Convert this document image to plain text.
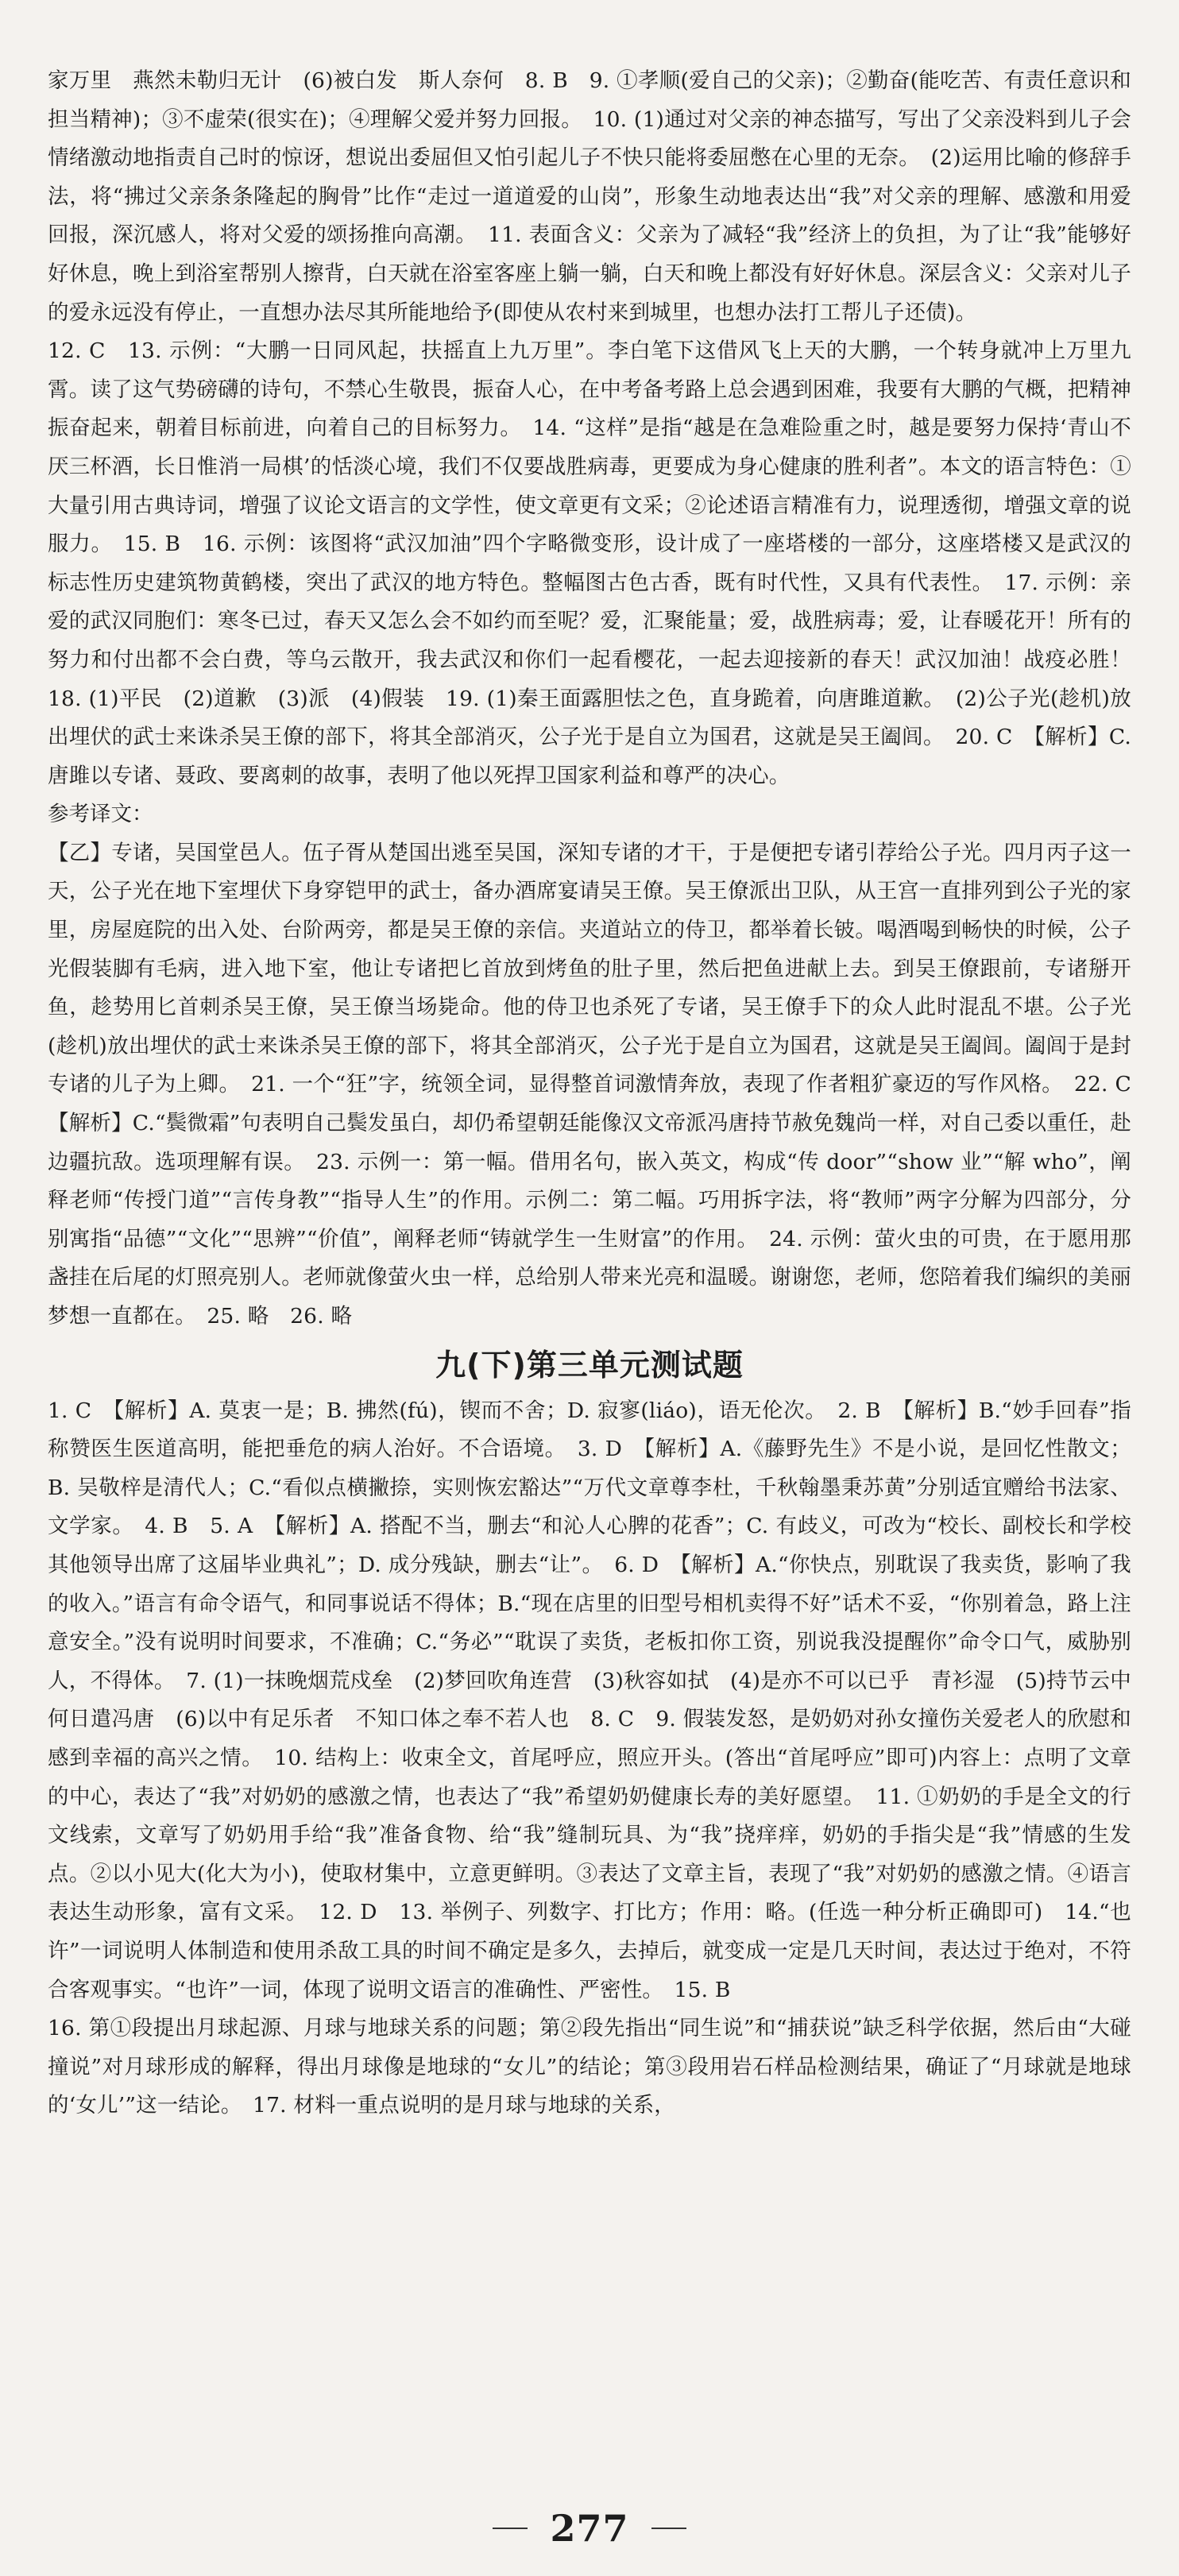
家万里　燕然未勒归无计　(6)被白发　斯人奈何　8. B　9. ①孝顺(爱自己的父亲)；②勤奋(能吃苦、有责任意识和担当精神)；③不虚荣(很实在)；④理解父爱并努力回报。　10. (1)通过对父亲的神态描写，写出了父亲没料到儿子会情绪激动地指责自己时的惊讶，想说出委屈但又怕引起儿子不快只能将委屈憋在心里的无奈。　(2)运用比喻的修辞手法，将“拂过父亲条条隆起的胸骨”比作“走过一道道爱的山岗”，形象生动地表达出“我”对父亲的理解、感激和用爱回报，深沉感人，将对父爱的颂扬推向高潮。　11. 表面含义：父亲为了减轻“我”经济上的负担，为了让“我”能够好好休息，晚上到浴室帮别人擦背，白天就在浴室客座上躺一躺，白天和晚上都没有好好休息。深层含义：父亲对儿子的爱永远没有停止，一直想办法尽其所能地给予(即使从农村来到城里，也想办法打工帮儿子还债)。

12. C　13. 示例：“大鹏一日同风起，扶摇直上九万里”。李白笔下这借风飞上天的大鹏，一个转身就冲上万里九霄。读了这气势磅礴的诗句，不禁心生敬畏，振奋人心，在中考备考路上总会遇到困难，我要有大鹏的气概，把精神振奋起来，朝着目标前进，向着自己的目标努力。　14. “这样”是指“越是在急难险重之时，越是要努力保持‘青山不厌三杯酒，长日惟消一局棋’的恬淡心境，我们不仅要战胜病毒，更要成为身心健康的胜利者”。本文的语言特色：①大量引用古典诗词，增强了议论文语言的文学性，使文章更有文采；②论述语言精准有力，说理透彻，增强文章的说服力。　15. B　16. 示例：该图将“武汉加油”四个字略微变形，设计成了一座塔楼的一部分，这座塔楼又是武汉的标志性历史建筑物黄鹤楼，突出了武汉的地方特色。整幅图古色古香，既有时代性，又具有代表性。　17. 示例：亲爱的武汉同胞们：寒冬已过，春天又怎么会不如约而至呢？爱，汇聚能量；爱，战胜病毒；爱，让春暖花开！所有的努力和付出都不会白费，等乌云散开，我去武汉和你们一起看樱花，一起去迎接新的春天！武汉加油！战疫必胜！　18. (1)平民　(2)道歉　(3)派　(4)假装　19. (1)秦王面露胆怯之色，直身跪着，向唐雎道歉。　(2)公子光(趁机)放出埋伏的武士来诛杀吴王僚的部下，将其全部消灭，公子光于是自立为国君，这就是吴王阖闾。　20. C　【解析】C. 唐雎以专诸、聂政、要离刺的故事，表明了他以死捍卫国家利益和尊严的决心。

参考译文：

【乙】专诸，吴国堂邑人。伍子胥从楚国出逃至吴国，深知专诸的才干，于是便把专诸引荐给公子光。四月丙子这一天，公子光在地下室埋伏下身穿铠甲的武士，备办酒席宴请吴王僚。吴王僚派出卫队，从王宫一直排列到公子光的家里，房屋庭院的出入处、台阶两旁，都是吴王僚的亲信。夹道站立的侍卫，都举着长铍。喝酒喝到畅快的时候，公子光假装脚有毛病，进入地下室，他让专诸把匕首放到烤鱼的肚子里，然后把鱼进献上去。到吴王僚跟前，专诸掰开鱼，趁势用匕首刺杀吴王僚，吴王僚当场毙命。他的侍卫也杀死了专诸，吴王僚手下的众人此时混乱不堪。公子光(趁机)放出埋伏的武士来诛杀吴王僚的部下，将其全部消灭，公子光于是自立为国君，这就是吴王阖闾。阖闾于是封专诸的儿子为上卿。　21. 一个“狂”字，统领全词，显得整首词激情奔放，表现了作者粗犷豪迈的写作风格。　22. C　【解析】C.“鬓微霜”句表明自己鬓发虽白，却仍希望朝廷能像汉文帝派冯唐持节赦免魏尚一样，对自己委以重任，赴边疆抗敌。选项理解有误。　23. 示例一：第一幅。借用名句，嵌入英文，构成“传 door”“show 业”“解 who”，阐释老师“传授门道”“言传身教”“指导人生”的作用。示例二：第二幅。巧用拆字法，将“教师”两字分解为四部分，分别寓指“品德”“文化”“思辨”“价值”，阐释老师“铸就学生一生财富”的作用。　24. 示例：萤火虫的可贵，在于愿用那盏挂在后尾的灯照亮别人。老师就像萤火虫一样，总给别人带来光亮和温暖。谢谢您，老师，您陪着我们编织的美丽梦想一直都在。　25. 略　26. 略

九(下)第三单元测试题

1. C　【解析】A. 莫衷一是；B. 拂然(fú)，锲而不舍；D. 寂寥(liáo)，语无伦次。　2. B　【解析】B.“妙手回春”指称赞医生医道高明，能把垂危的病人治好。不合语境。　3. D　【解析】A.《藤野先生》不是小说，是回忆性散文；B. 吴敬梓是清代人；C.“看似点横撇捺，实则恢宏豁达”“万代文章尊李杜，千秋翰墨秉苏黄”分别适宜赠给书法家、文学家。　4. B　5. A　【解析】A. 搭配不当，删去“和沁人心脾的花香”；C. 有歧义，可改为“校长、副校长和学校其他领导出席了这届毕业典礼”；D. 成分残缺，删去“让”。　6. D　【解析】A.“你快点，别耽误了我卖货，影响了我的收入。”语言有命令语气，和同事说话不得体；B.“现在店里的旧型号相机卖得不好”话术不妥，“你别着急，路上注意安全。”没有说明时间要求，不准确；C.“务必”“耽误了卖货，老板扣你工资，别说我没提醒你”命令口气，威胁别人，不得体。　7. (1)一抹晚烟荒戍垒　(2)梦回吹角连营　(3)秋容如拭　(4)是亦不可以已乎　青衫湿　(5)持节云中　何日遣冯唐　(6)以中有足乐者　不知口体之奉不若人也　8. C　9. 假装发怒，是奶奶对孙女撞伤关爱老人的欣慰和感到幸福的高兴之情。　10. 结构上：收束全文，首尾呼应，照应开头。(答出“首尾呼应”即可)内容上：点明了文章的中心，表达了“我”对奶奶的感激之情，也表达了“我”希望奶奶健康长寿的美好愿望。　11. ①奶奶的手是全文的行文线索，文章写了奶奶用手给“我”准备食物、给“我”缝制玩具、为“我”挠痒痒，奶奶的手指尖是“我”情感的生发点。②以小见大(化大为小)，使取材集中，立意更鲜明。③表达了文章主旨，表现了“我”对奶奶的感激之情。④语言表达生动形象，富有文采。　12. D　13. 举例子、列数字、打比方；作用：略。(任选一种分析正确即可)　14.“也许”一词说明人体制造和使用杀敌工具的时间不确定是多久，去掉后，就变成一定是几天时间，表达过于绝对，不符合客观事实。“也许”一词，体现了说明文语言的准确性、严密性。　15. B

16. 第①段提出月球起源、月球与地球关系的问题；第②段先指出“同生说”和“捕获说”缺乏科学依据，然后由“大碰撞说”对月球形成的解释，得出月球像是地球的“女儿”的结论；第③段用岩石样品检测结果，确证了“月球就是地球的‘女儿’”这一结论。　17. 材料一重点说明的是月球与地球的关系，

277
